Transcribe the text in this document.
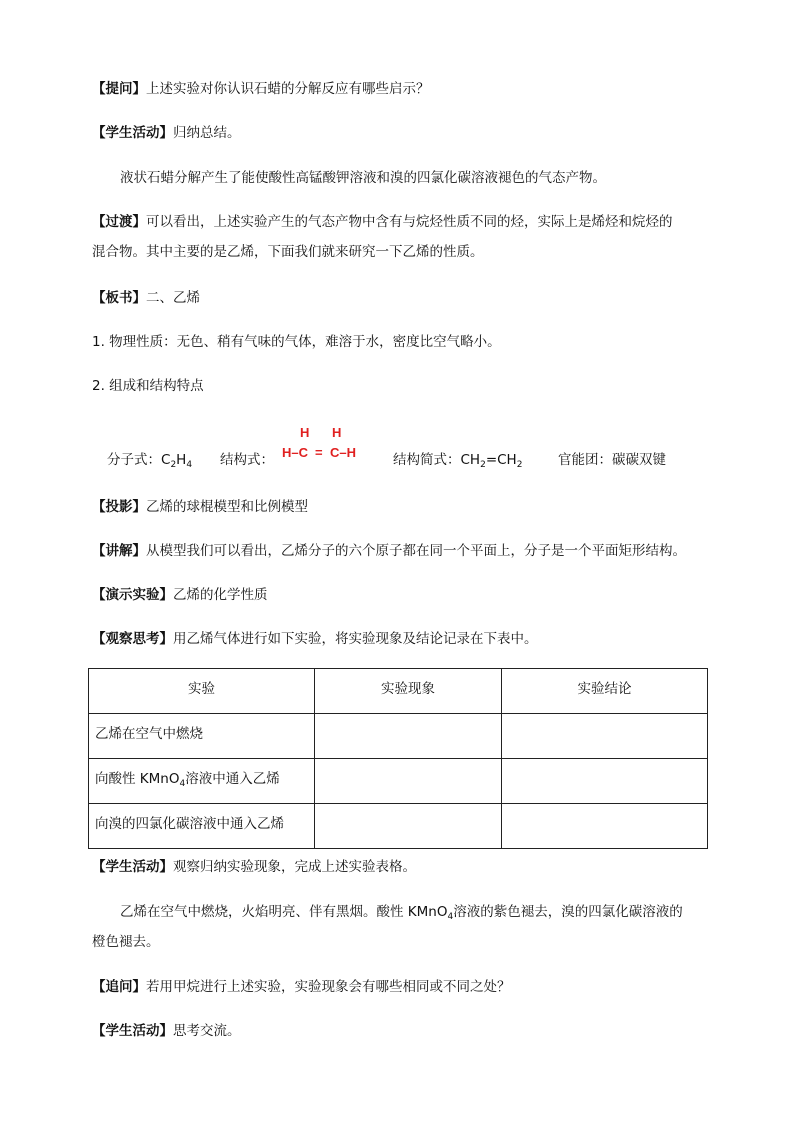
【提问】上述实验对你认识石蜡的分解反应有哪些启示？
【学生活动】归纳总结。
液状石蜡分解产生了能使酸性高锰酸钾溶液和溴的四氯化碳溶液褪色的气态产物。
【过渡】可以看出，上述实验产生的气态产物中含有与烷烃性质不同的烃，实际上是烯烃和烷烃的
混合物。其中主要的是乙烯，下面我们就来研究一下乙烯的性质。
【板书】二、乙烯
1. 物理性质：无色、稍有气味的气体，难溶于水，密度比空气略小。
2. 组成和结构特点
分子式：$C_2H_4$ 结构式：
H H
H–C = C–H	结构简式：$CH_2=CH_2$	官能团：碳碳双键
【投影】乙烯的球棍模型和比例模型
【讲解】从模型我们可以看出，乙烯分子的六个原子都在同一个平面上，分子是一个平面矩形结构。
【演示实验】乙烯的化学性质
【观察思考】用乙烯气体进行如下实验，将实验现象及结论记录在下表中。
实验	实验现象	实验结论
乙烯在空气中燃烧		
向酸性 KMnO$_4$溶液中通入乙烯		
向溴的四氯化碳溶液中通入乙烯		
【学生活动】观察归纳实验现象，完成上述实验表格。
乙烯在空气中燃烧，火焰明亮、伴有黑烟。酸性 KMnO$_4$溶液的紫色褪去，溴的四氯化碳溶液的
橙色褪去。
【追问】若用甲烷进行上述实验，实验现象会有哪些相同或不同之处？
【学生活动】思考交流。
